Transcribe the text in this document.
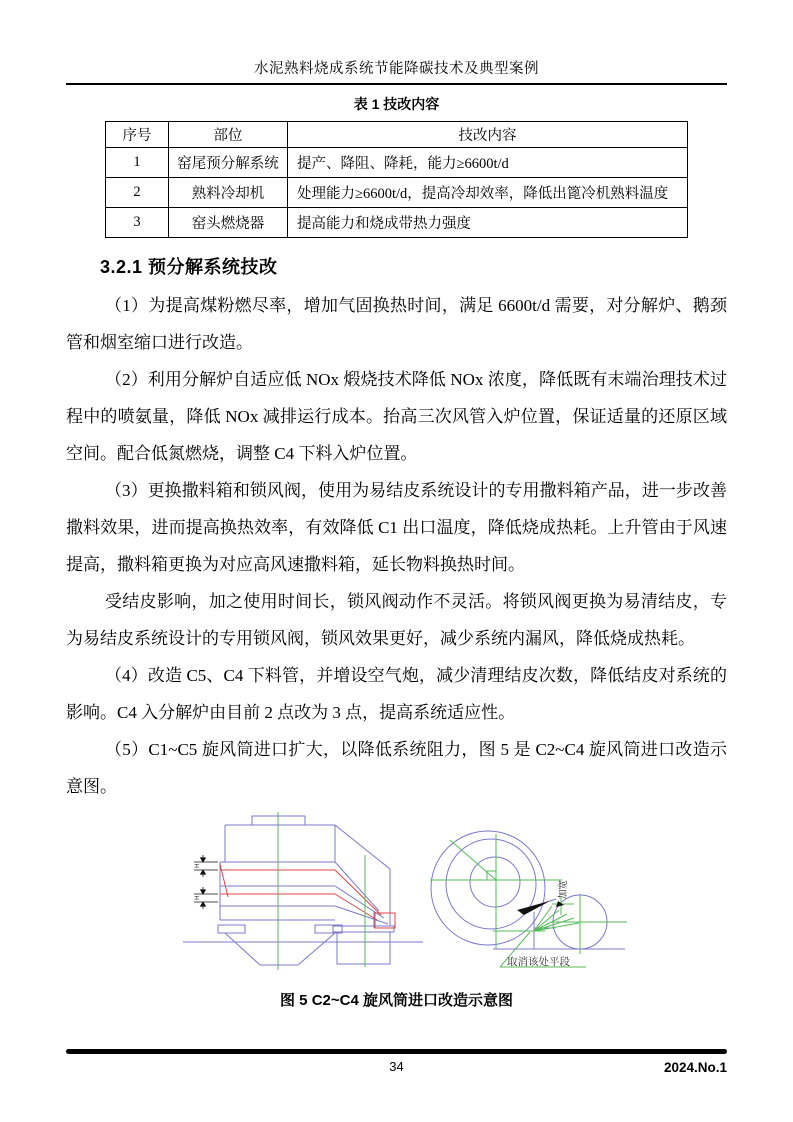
水泥熟料烧成系统节能降碳技术及典型案例
表 1 技改内容
序号	部位	技改内容
1	窑尾预分解系统	提产、降阻、降耗，能力≥6600t/d
2	熟料冷却机	处理能力≥6600t/d，提高冷却效率，降低出篦冷机熟料温度
3	窑头燃烧器	提高能力和烧成带热力强度
3.2.1 预分解系统技改

（1）为提高煤粉燃尽率，增加气固换热时间，满足 6600t/d 需要，对分解炉、鹅颈管和烟室缩口进行改造。

（2）利用分解炉自适应低 NOx 煅烧技术降低 NOx 浓度，降低既有末端治理技术过程中的喷氨量，降低 NOx 减排运行成本。抬高三次风管入炉位置，保证适量的还原区域空间。配合低氮燃烧，调整 C4 下料入炉位置。

（3）更换撒料箱和锁风阀，使用为易结皮系统设计的专用撒料箱产品，进一步改善撒料效果，进而提高换热效率，有效降低 C1 出口温度，降低烧成热耗。上升管由于风速提高，撒料箱更换为对应高风速撒料箱，延长物料换热时间。

受结皮影响，加之使用时间长，锁风阀动作不灵活。将锁风阀更换为易清结皮，专为易结皮系统设计的专用锁风阀，锁风效果更好，减少系统内漏风，降低烧成热耗。

（4）改造 C5、C4 下料管，并增设空气炮，减少清理结皮次数，降低结皮对系统的影响。C4 入分解炉由目前 2 点改为 3 点，提高系统适应性。

（5）C1~C5 旋风筒进口扩大，以降低系统阻力，图 5 是 C2~C4 旋风筒进口改造示意图。

H
H	加宽
取消该处平段
图 5 C2~C4 旋风筒进口改造示意图
34	2024.No.1
